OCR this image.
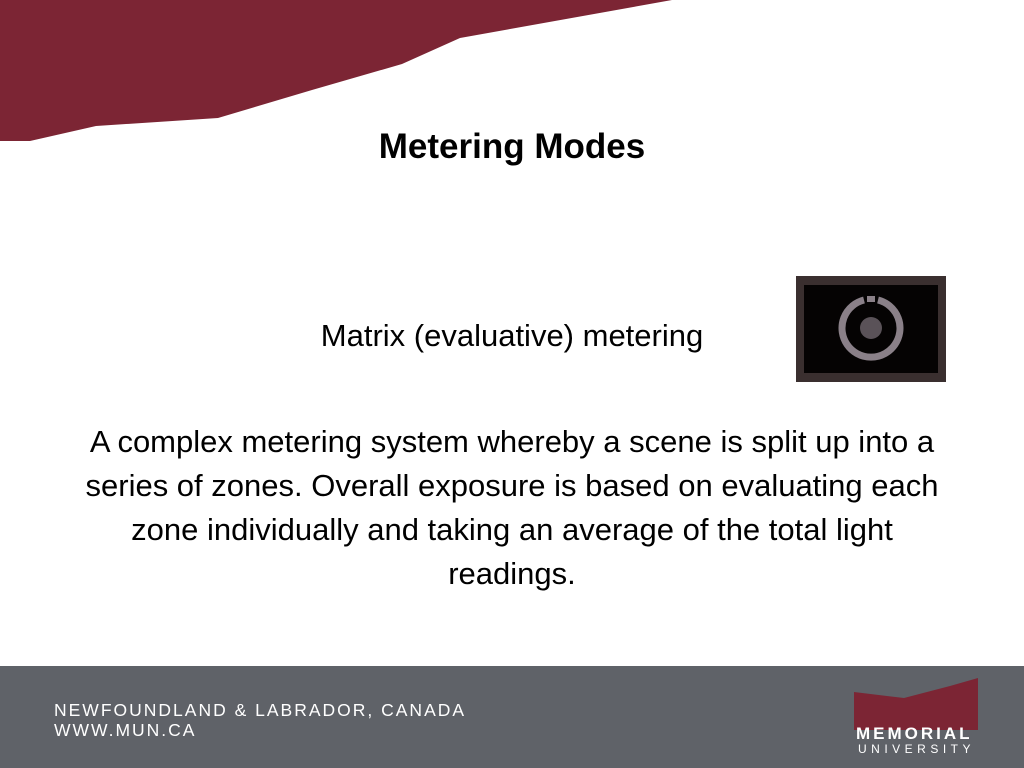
Metering Modes
Matrix (evaluative) metering
A complex metering system whereby a scene is split up into a series of zones. Overall exposure is based on evaluating each zone individually and taking an average of the total light readings.
NEWFOUNDLAND & LABRADOR, CANADA
WWW.MUN.CA	MEMORIAL
UNIVERSITY
